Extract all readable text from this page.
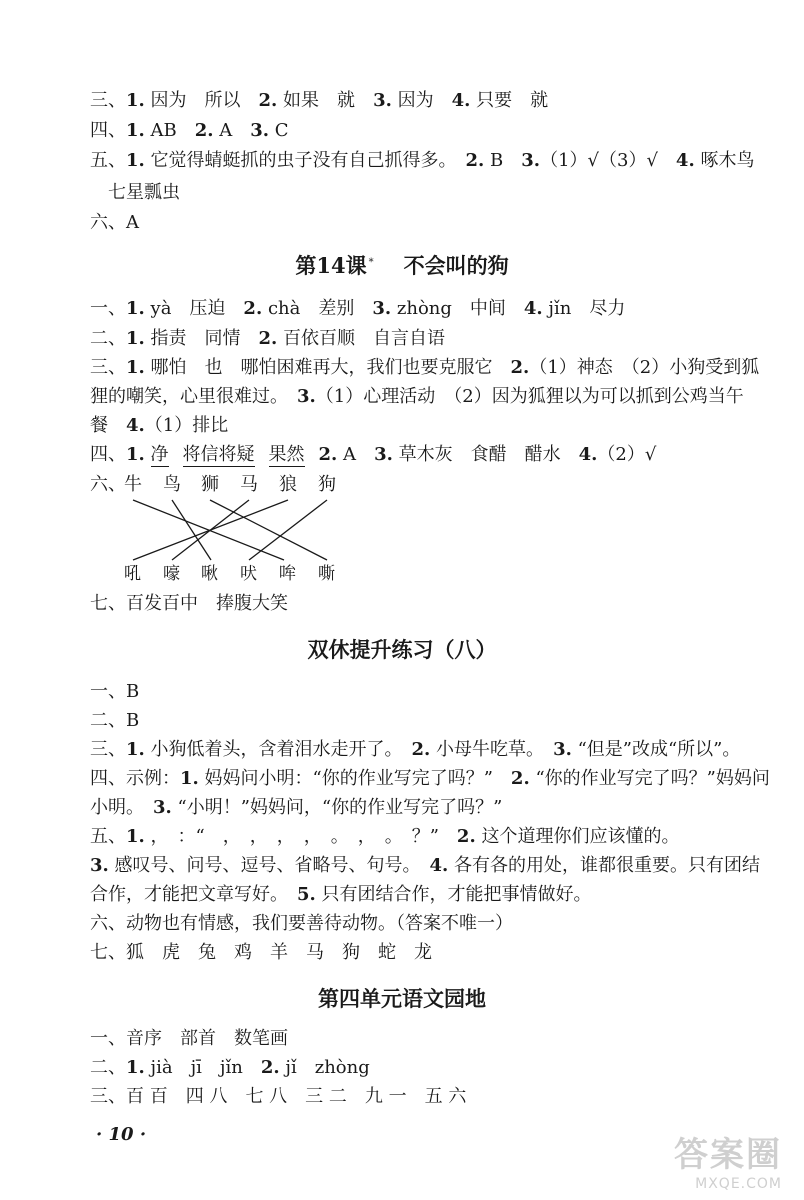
三、1. 因为　所以　2. 如果　就　3. 因为　4. 只要　就
四、1. AB　2. A　3. C
五、1. 它觉得蜻蜓抓的虫子没有自己抓得多。　2. B　3.（1）√（3）√　4. 啄木鸟
七星瓢虫
六、A
第14课 * 不会叫的狗
一、1. yà　压迫　2. chà　差别　3. zhòng　中间　4. jǐn　尽力
二、1. 指责　同情　2. 百依百顺　自言自语
三、1. 哪怕　也　哪怕困难再大，我们也要克服它　2.（1）神态　（2）小狗受到狐
狸的嘲笑，心里很难过。　3.（1）心理活动　（2）因为狐狸以为可以抓到公鸡当午
餐　4.（1）排比
四、1. 净 将信将疑 果然 2. A　3. 草木灰　食醋　醋水　4.（2）√
六、
牛 鸟 狮 马 狼 狗
吼 嚎 啾 吠 哞 嘶
七、百发百中　捧腹大笑
双休提升练习（八）
一、B
二、B
三、1. 小狗低着头，含着泪水走开了。　2. 小母牛吃草。　3. “但是”改成“所以”。
四、示例：1. 妈妈问小明：“你的作业写完了吗？”　2. “你的作业写完了吗？”妈妈问
小明。　3. “小明！”妈妈问，“你的作业写完了吗？”
五、1. ，　：“　，　，　，　，　。　，　。　？”　2. 这个道理你们应该懂的。
3. 感叹号、问号、逗号、省略号、句号。　4. 各有各的用处，谁都很重要。只有团结
合作，才能把文章写好。　5. 只有团结合作，才能把事情做好。
六、动物也有情感，我们要善待动物。（答案不唯一）
七、狐　虎　兔　鸡　羊　马　狗　蛇　龙
第四单元语文园地
一、音序　部首　数笔画
二、1. jià　jī　jǐn　2. jǐ　zhòng
三、百 百　四 八　七 八　三 二　九 一　五 六
· 10 ·
答案圈
MXQE.COM
